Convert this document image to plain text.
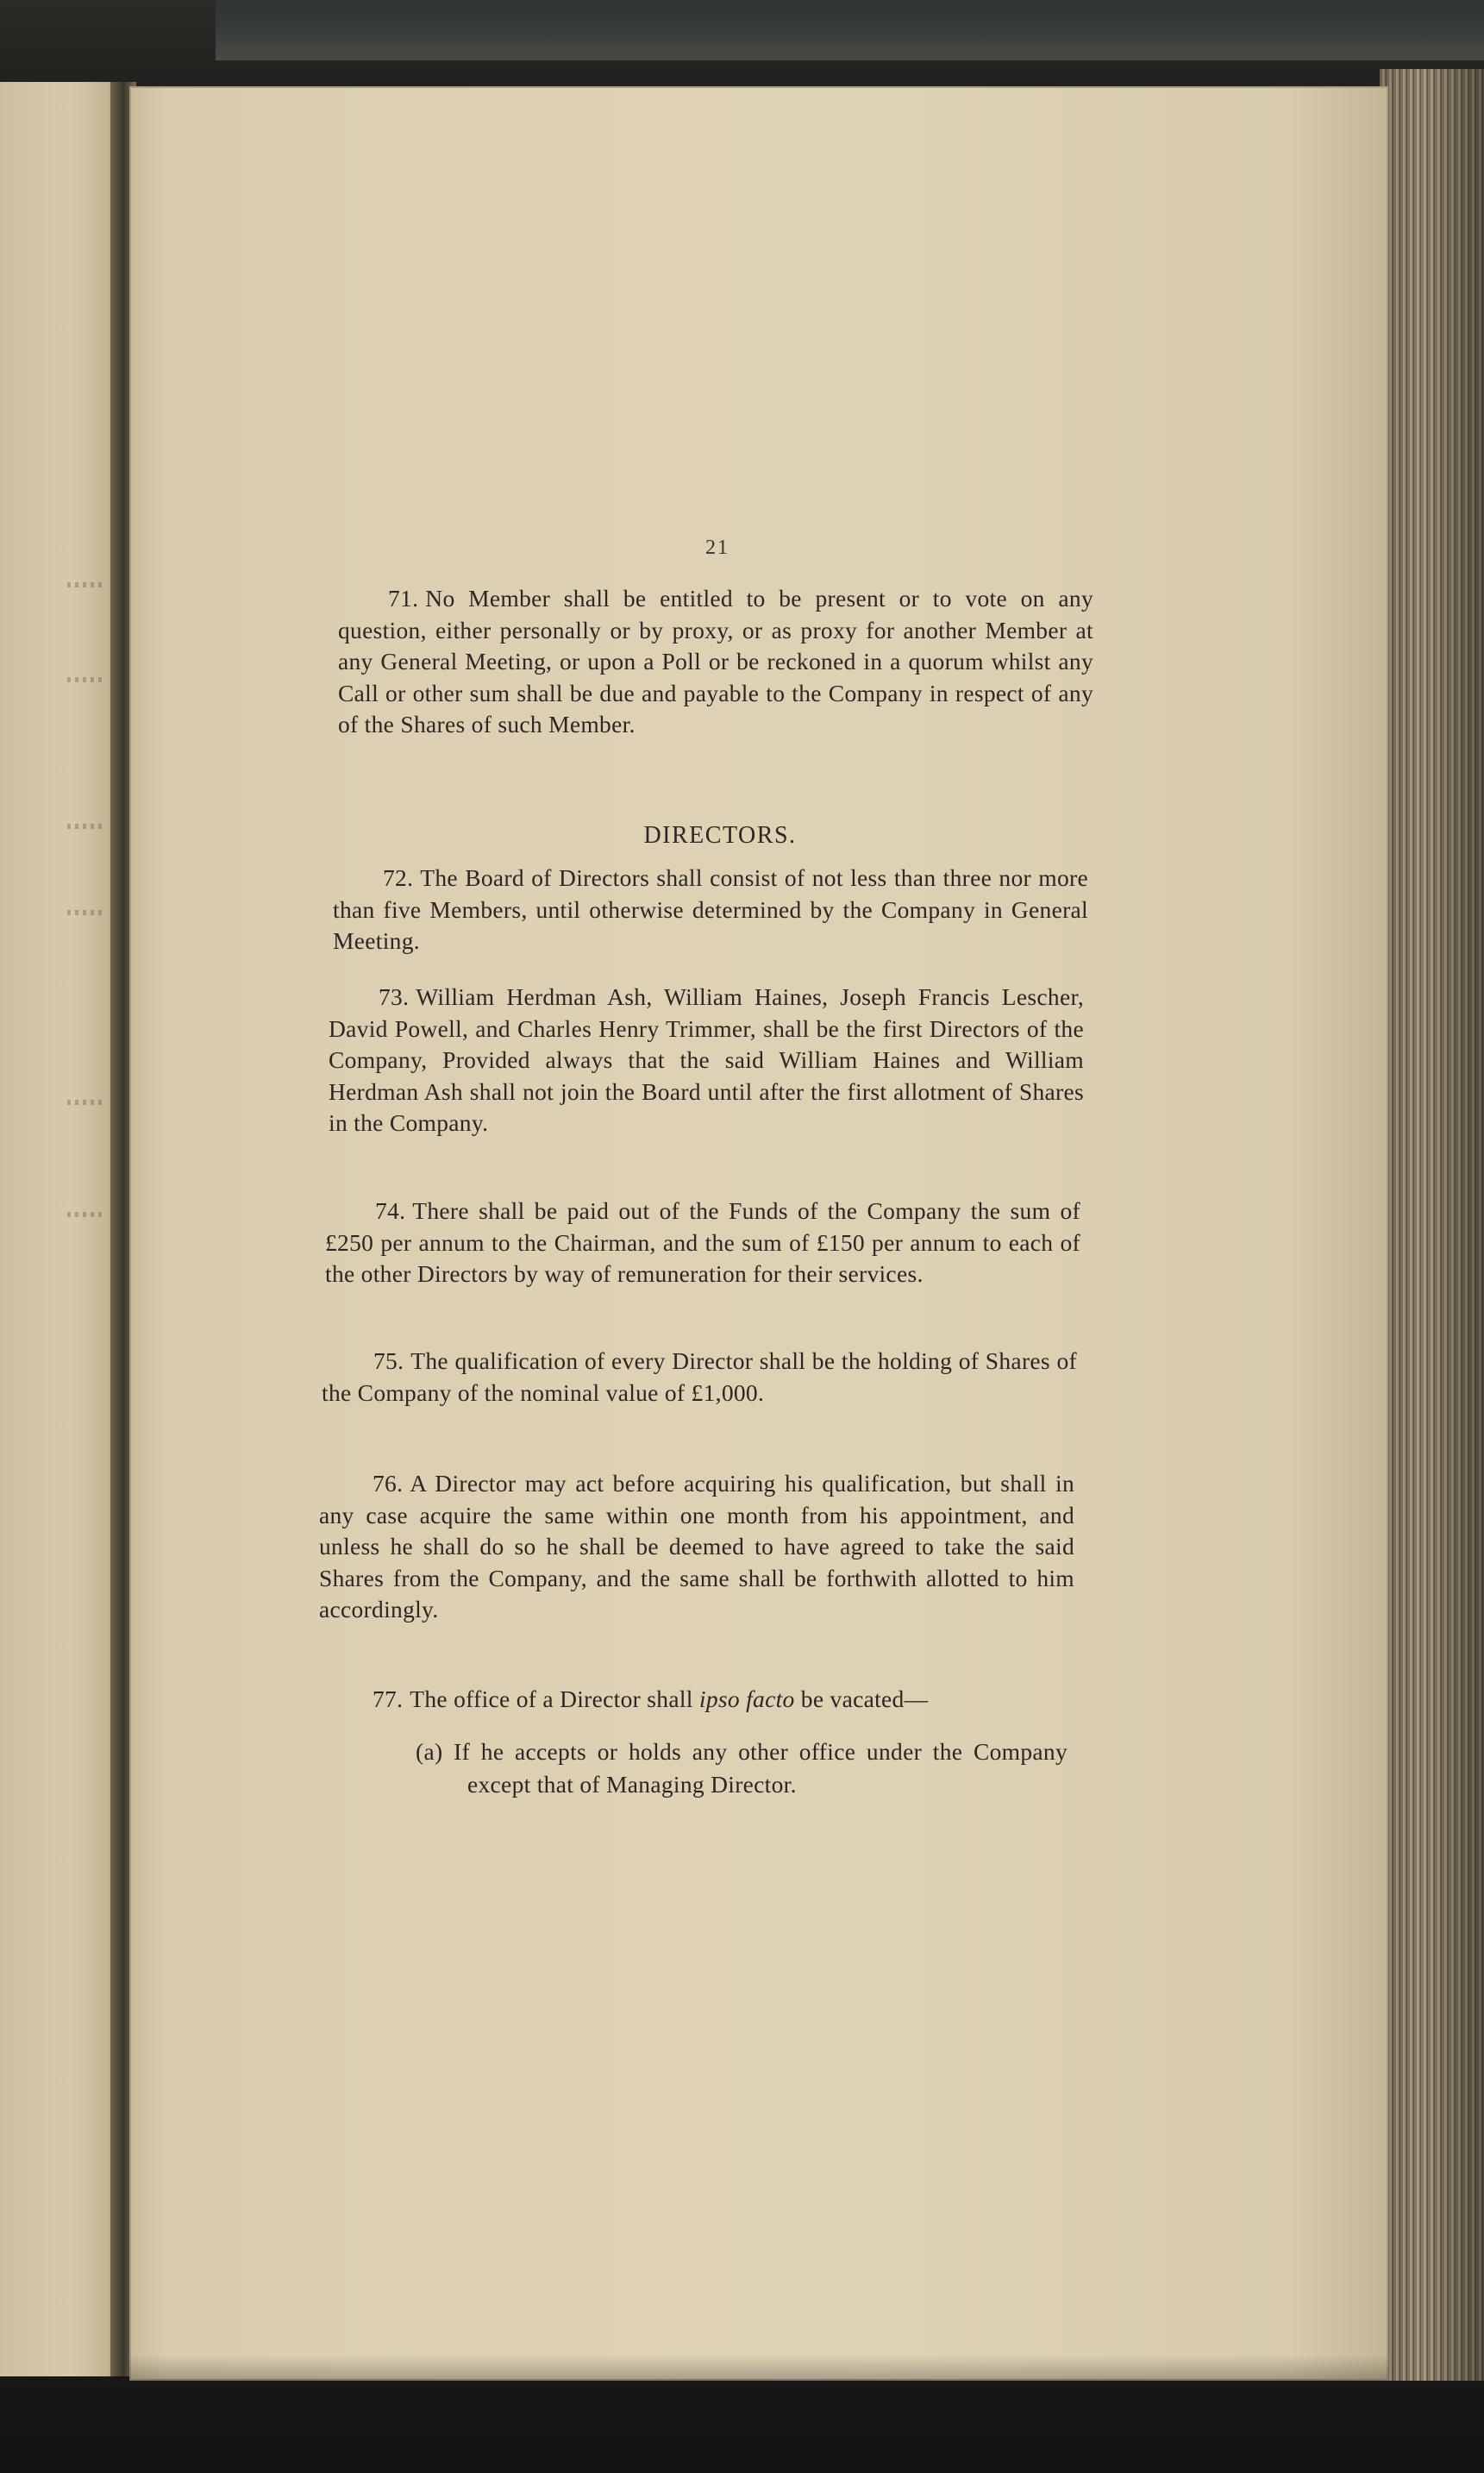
21

71. No Member shall be entitled to be present or to vote on any question, either personally or by proxy, or as proxy for another Member at any General Meeting, or upon a Poll or be reckoned in a quorum whilst any Call or other sum shall be due and payable to the Company in respect of any of the Shares of such Member.

DIRECTORS.

72. The Board of Directors shall consist of not less than three nor more than five Members, until otherwise determined by the Company in General Meeting.

73. William Herdman Ash, William Haines, Joseph Francis Lescher, David Powell, and Charles Henry Trimmer, shall be the first Directors of the Company, Provided always that the said William Haines and William Herdman Ash shall not join the Board until after the first allotment of Shares in the Company.

74. There shall be paid out of the Funds of the Company the sum of £250 per annum to the Chairman, and the sum of £150 per annum to each of the other Directors by way of remuneration for their services.

75. The qualification of every Director shall be the holding of Shares of the Company of the nominal value of £1,000.

76. A Director may act before acquiring his qualification, but shall in any case acquire the same within one month from his appointment, and unless he shall do so he shall be deemed to have agreed to take the said Shares from the Company, and the same shall be forthwith allotted to him accordingly.

77. The office of a Director shall ipso facto be vacated—

(a) If he accepts or holds any other office under the Company except that of Managing Director.
